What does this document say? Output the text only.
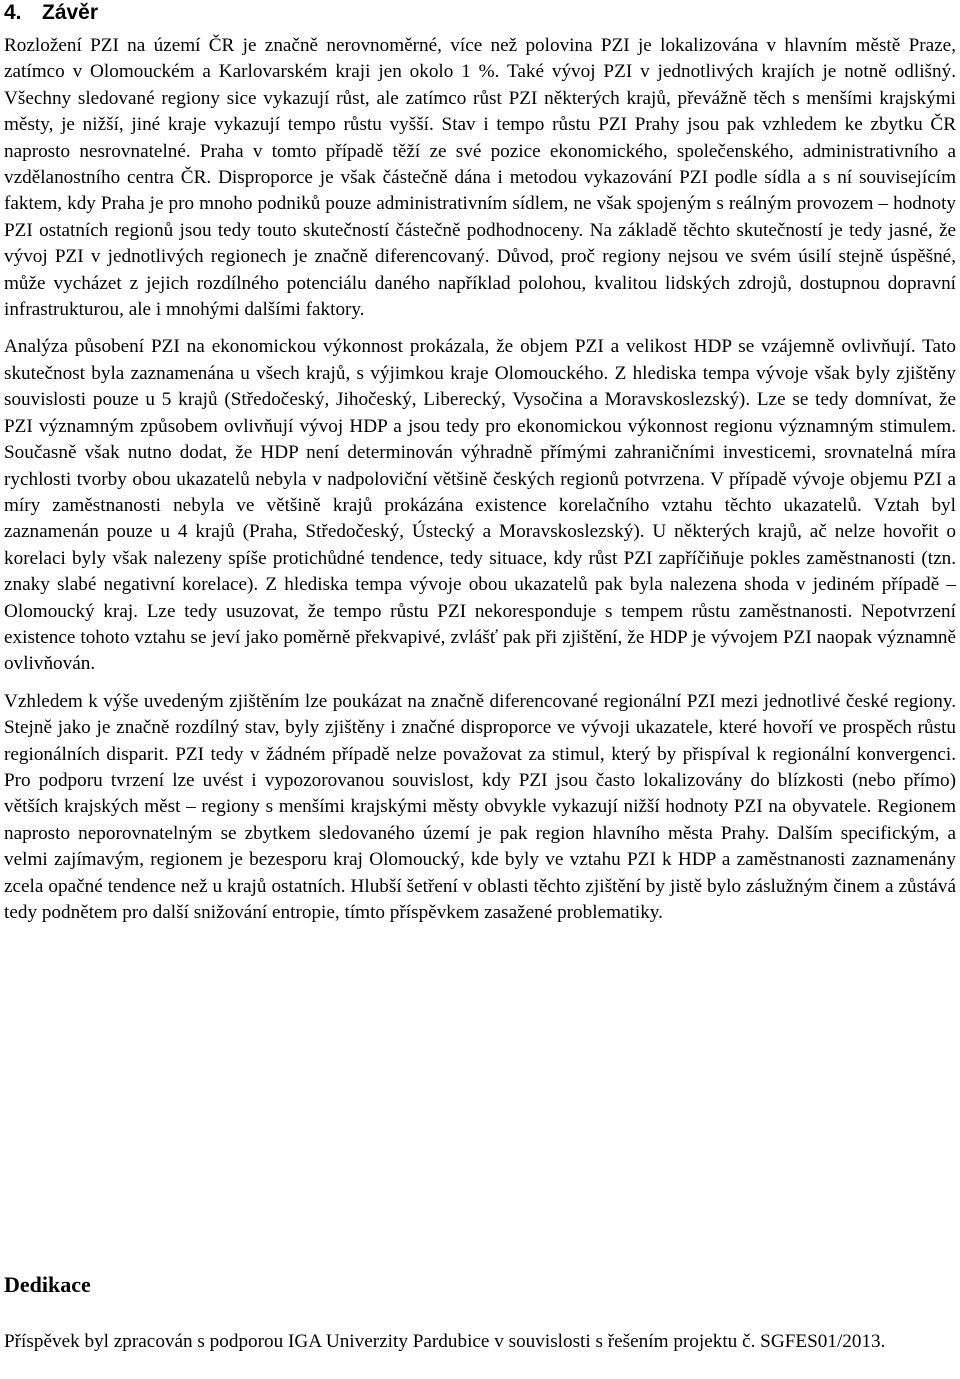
4. Závěr

Rozložení PZI na území ČR je značně nerovnoměrné, více než polovina PZI je lokalizována v hlavním městě Praze, zatímco v Olomouckém a Karlovarském kraji jen okolo 1 %. Také vývoj PZI v jednotlivých krajích je notně odlišný. Všechny sledované regiony sice vykazují růst, ale zatímco růst PZI některých krajů, převážně těch s menšími krajskými městy, je nižší, jiné kraje vykazují tempo růstu vyšší. Stav i tempo růstu PZI Prahy jsou pak vzhledem ke zbytku ČR naprosto nesrovnatelné. Praha v tomto případě těží ze své pozice ekonomického, společenského, administrativního a vzdělanostního centra ČR. Disproporce je však částečně dána i metodou vykazování PZI podle sídla a s ní souvisejícím faktem, kdy Praha je pro mnoho podniků pouze administrativním sídlem, ne však spojeným s reálným provozem – hodnoty PZI ostatních regionů jsou tedy touto skutečností částečně podhodnoceny. Na základě těchto skutečností je tedy jasné, že vývoj PZI v jednotlivých regionech je značně diferencovaný. Důvod, proč regiony nejsou ve svém úsilí stejně úspěšné, může vycházet z jejich rozdílného potenciálu daného například polohou, kvalitou lidských zdrojů, dostupnou dopravní infrastrukturou, ale i mnohými dalšími faktory.

Analýza působení PZI na ekonomickou výkonnost prokázala, že objem PZI a velikost HDP se vzájemně ovlivňují. Tato skutečnost byla zaznamenána u všech krajů, s výjimkou kraje Olomouckého. Z hlediska tempa vývoje však byly zjištěny souvislosti pouze u 5 krajů (Středočeský, Jihočeský, Liberecký, Vysočina a Moravskoslezský). Lze se tedy domnívat, že PZI významným způsobem ovlivňují vývoj HDP a jsou tedy pro ekonomickou výkonnost regionu významným stimulem. Současně však nutno dodat, že HDP není determinován výhradně přímými zahraničními investicemi, srovnatelná míra rychlosti tvorby obou ukazatelů nebyla v nadpoloviční většině českých regionů potvrzena. V případě vývoje objemu PZI a míry zaměstnanosti nebyla ve většině krajů prokázána existence korelačního vztahu těchto ukazatelů. Vztah byl zaznamenán pouze u 4 krajů (Praha, Středočeský, Ústecký a Moravskoslezský). U některých krajů, ač nelze hovořit o korelaci byly však nalezeny spíše protichůdné tendence, tedy situace, kdy růst PZI zapříčiňuje pokles zaměstnanosti (tzn. znaky slabé negativní korelace). Z hlediska tempa vývoje obou ukazatelů pak byla nalezena shoda v jediném případě – Olomoucký kraj. Lze tedy usuzovat, že tempo růstu PZI nekoresponduje s tempem růstu zaměstnanosti. Nepotvrzení existence tohoto vztahu se jeví jako poměrně překvapivé, zvlášť pak při zjištění, že HDP je vývojem PZI naopak významně ovlivňován.

Vzhledem k výše uvedeným zjištěním lze poukázat na značně diferencované regionální PZI mezi jednotlivé české regiony. Stejně jako je značně rozdílný stav, byly zjištěny i značné disproporce ve vývoji ukazatele, které hovoří ve prospěch růstu regionálních disparit. PZI tedy v žádném případě nelze považovat za stimul, který by přispíval k regionální konvergenci. Pro podporu tvrzení lze uvést i vypozorovanou souvislost, kdy PZI jsou často lokalizovány do blízkosti (nebo přímo) větších krajských měst – regiony s menšími krajskými městy obvykle vykazují nižší hodnoty PZI na obyvatele. Regionem naprosto neporovnatelným se zbytkem sledovaného území je pak region hlavního města Prahy. Dalším specifickým, a velmi zajímavým, regionem je bezesporu kraj Olomoucký, kde byly ve vztahu PZI k HDP a zaměstnanosti zaznamenány zcela opačné tendence než u krajů ostatních. Hlubší šetření v oblasti těchto zjištění by jistě bylo záslužným činem a zůstává tedy podnětem pro další snižování entropie, tímto příspěvkem zasažené problematiky.

Dedikace

Příspěvek byl zpracován s podporou IGA Univerzity Pardubice v souvislosti s řešením projektu č. SGFES01/2013.
